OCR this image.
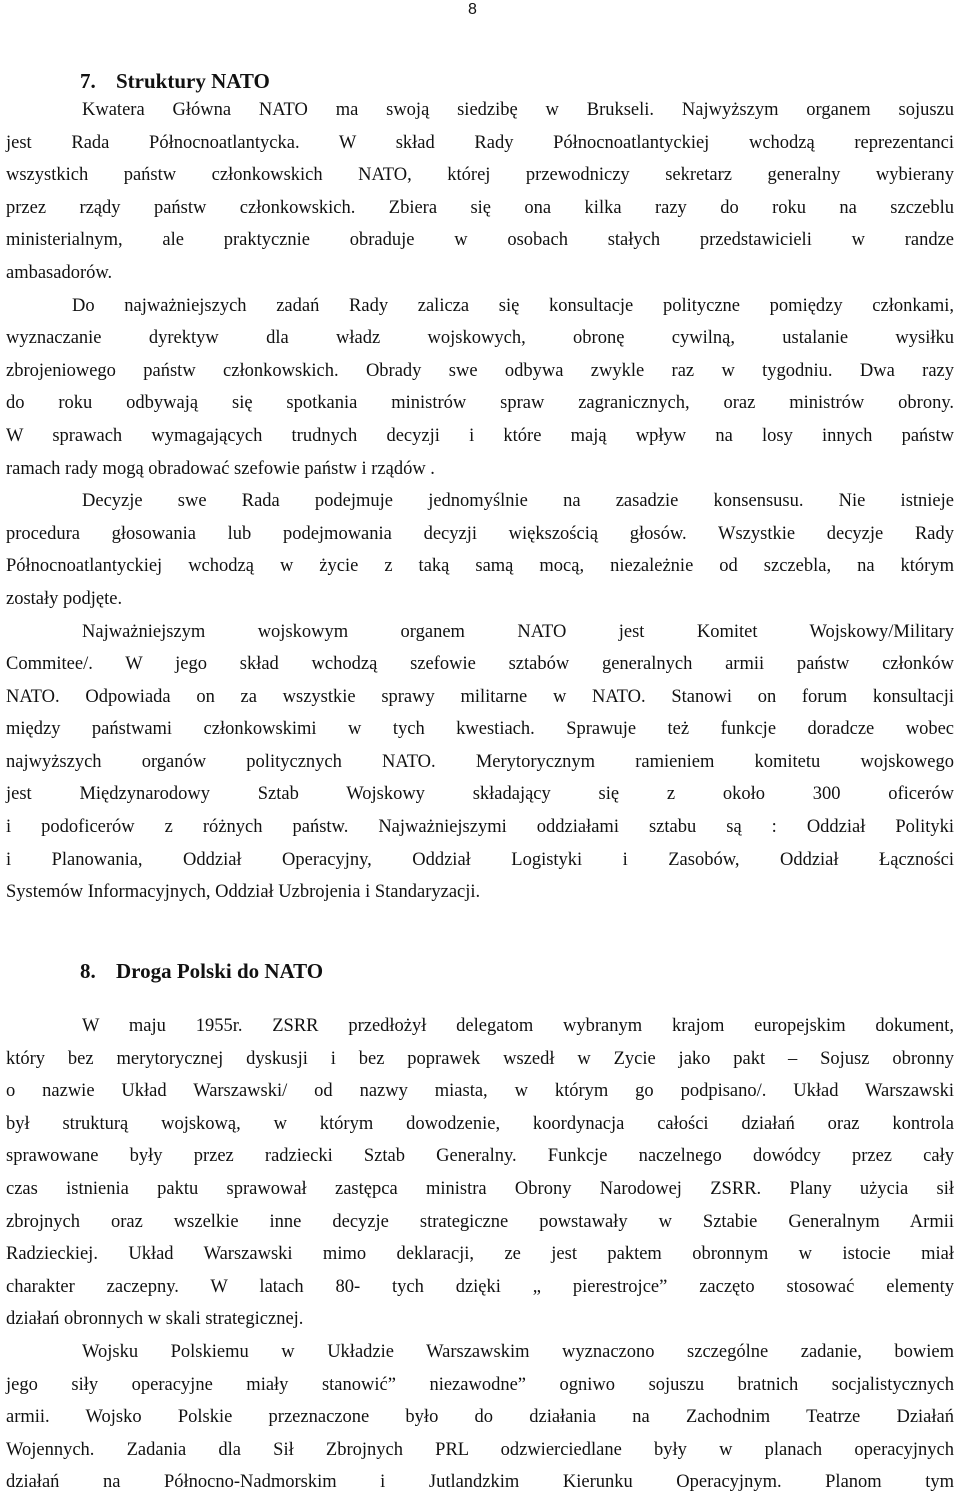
8
7. Struktury NATO
Kwatera Główna NATO ma swoją siedzibę w Brukseli. Najwyższym organem sojuszu
jest Rada Północnoatlantycka. W skład Rady Północnoatlantyckiej wchodzą reprezentanci
wszystkich państw członkowskich NATO, której przewodniczy sekretarz generalny wybierany
przez rządy państw członkowskich. Zbiera się ona kilka razy do roku na szczeblu
ministerialnym, ale praktycznie obraduje w osobach stałych przedstawicieli w randze
ambasadorów.
Do najważniejszych zadań Rady zalicza się konsultacje polityczne pomiędzy członkami,
wyznaczanie dyrektyw dla władz wojskowych, obronę cywilną, ustalanie wysiłku
zbrojeniowego państw członkowskich. Obrady swe odbywa zwykle raz w tygodniu. Dwa razy
do roku odbywają się spotkania ministrów spraw zagranicznych, oraz ministrów obrony.
W sprawach wymagających trudnych decyzji i które mają wpływ na losy innych państw
ramach rady mogą obradować szefowie państw i rządów .
Decyzje swe Rada podejmuje jednomyślnie na zasadzie konsensusu. Nie istnieje
procedura głosowania lub podejmowania decyzji większością głosów. Wszystkie decyzje Rady
Północnoatlantyckiej wchodzą w życie z taką samą mocą, niezależnie od szczebla, na którym
zostały podjęte.
Najważniejszym wojskowym organem NATO jest Komitet Wojskowy/Military
Commitee/. W jego skład wchodzą szefowie sztabów generalnych armii państw członków
NATO. Odpowiada on za wszystkie sprawy militarne w NATO. Stanowi on forum konsultacji
między państwami członkowskimi w tych kwestiach. Sprawuje też funkcje doradcze wobec
najwyższych organów politycznych NATO. Merytorycznym ramieniem komitetu wojskowego
jest Międzynarodowy Sztab Wojskowy składający się z około 300 oficerów
i podoficerów z różnych państw. Najważniejszymi oddziałami sztabu są : Oddział Polityki
i Planowania, Oddział Operacyjny, Oddział Logistyki i Zasobów, Oddział Łączności
Systemów Informacyjnych, Oddział Uzbrojenia i Standaryzacji.
8. Droga Polski do NATO
W maju 1955r. ZSRR przedłożył delegatom wybranym krajom europejskim dokument,
który bez merytorycznej dyskusji i bez poprawek wszedł w Zycie jako pakt – Sojusz obronny
o nazwie Układ Warszawski/ od nazwy miasta, w którym go podpisano/. Układ Warszawski
był strukturą wojskową, w którym dowodzenie, koordynacja całości działań oraz kontrola
sprawowane były przez radziecki Sztab Generalny. Funkcje naczelnego dowódcy przez cały
czas istnienia paktu sprawował zastępca ministra Obrony Narodowej ZSRR. Plany użycia sił
zbrojnych oraz wszelkie inne decyzje strategiczne powstawały w Sztabie Generalnym Armii
Radzieckiej. Układ Warszawski mimo deklaracji, ze jest paktem obronnym w istocie miał
charakter zaczepny. W latach 80- tych dzięki „ pierestrojce” zaczęto stosować elementy
działań obronnych w skali strategicznej.
Wojsku Polskiemu w Układzie Warszawskim wyznaczono szczególne zadanie, bowiem
jego siły operacyjne miały stanowić” niezawodne” ogniwo sojuszu bratnich socjalistycznych
armii. Wojsko Polskie przeznaczone było do działania na Zachodnim Teatrze Działań
Wojennych. Zadania dla Sił Zbrojnych PRL odzwierciedlane były w planach operacyjnych
działań na Północno-Nadmorskim i Jutlandzkim Kierunku Operacyjnym. Planom tym
